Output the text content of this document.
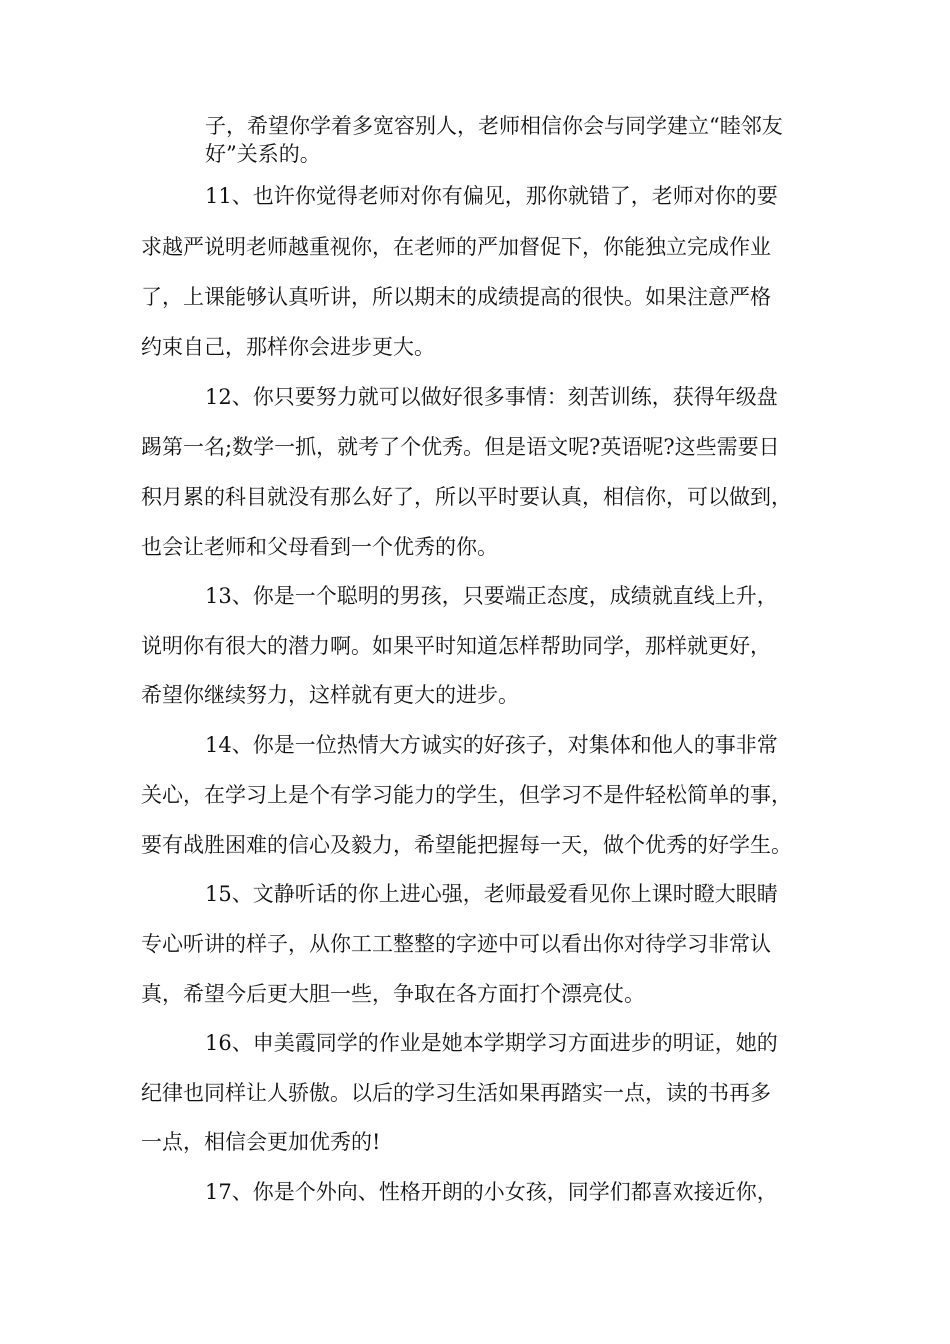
子，希望你学着多宽容别人，老师相信你会与同学建立“睦邻友
好”关系的。
11、也许你觉得老师对你有偏见，那你就错了，老师对你的要
求越严说明老师越重视你，在老师的严加督促下，你能独立完成作业
了，上课能够认真听讲，所以期末的成绩提高的很快。如果注意严格
约束自己，那样你会进步更大。
12、你只要努力就可以做好很多事情：刻苦训练，获得年级盘
踢第一名;数学一抓，就考了个优秀。但是语文呢?英语呢?这些需要日
积月累的科目就没有那么好了，所以平时要认真，相信你，可以做到，
也会让老师和父母看到一个优秀的你。
13、你是一个聪明的男孩，只要端正态度，成绩就直线上升，
说明你有很大的潜力啊。如果平时知道怎样帮助同学，那样就更好，
希望你继续努力，这样就有更大的进步。
14、你是一位热情大方诚实的好孩子，对集体和他人的事非常
关心，在学习上是个有学习能力的学生，但学习不是件轻松简单的事，
要有战胜困难的信心及毅力，希望能把握每一天，做个优秀的好学生。
15、文静听话的你上进心强，老师最爱看见你上课时瞪大眼睛
专心听讲的样子，从你工工整整的字迹中可以看出你对待学习非常认
真，希望今后更大胆一些，争取在各方面打个漂亮仗。
16、申美霞同学的作业是她本学期学习方面进步的明证，她的
纪律也同样让人骄傲。以后的学习生活如果再踏实一点，读的书再多
一点，相信会更加优秀的!
17、你是个外向、性格开朗的小女孩，同学们都喜欢接近你，
